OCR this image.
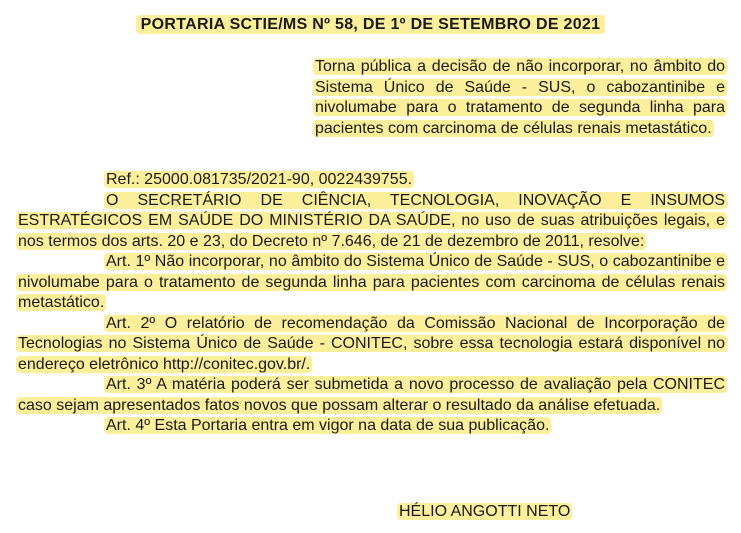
PORTARIA SCTIE/MS Nº 58, DE 1º DE SETEMBRO DE 2021
Torna pública a decisão de não incorporar, no âmbito do Sistema Único de Saúde - SUS, o cabozantinibe e nivolumabe para o tratamento de segunda linha para pacientes com carcinoma de células renais metastático.

Ref.: 25000.081735/2021-90, 0022439755.

O SECRETÁRIO DE CIÊNCIA, TECNOLOGIA, INOVAÇÃO E INSUMOS ESTRATÉGICOS EM SAÚDE DO MINISTÉRIO DA SAÚDE, no uso de suas atribuições legais, e nos termos dos arts. 20 e 23, do Decreto nº 7.646, de 21 de dezembro de 2011, resolve:

Art. 1º Não incorporar, no âmbito do Sistema Único de Saúde - SUS, o cabozantinibe e nivolumabe para o tratamento de segunda linha para pacientes com carcinoma de células renais metastático.

Art. 2º O relatório de recomendação da Comissão Nacional de Incorporação de Tecnologias no Sistema Único de Saúde - CONITEC, sobre essa tecnologia estará disponível no endereço eletrônico http://conitec.gov.br/.

Art. 3º A matéria poderá ser submetida a novo processo de avaliação pela CONITEC caso sejam apresentados fatos novos que possam alterar o resultado da análise efetuada.

Art. 4º Esta Portaria entra em vigor na data de sua publicação.

HÉLIO ANGOTTI NETO
